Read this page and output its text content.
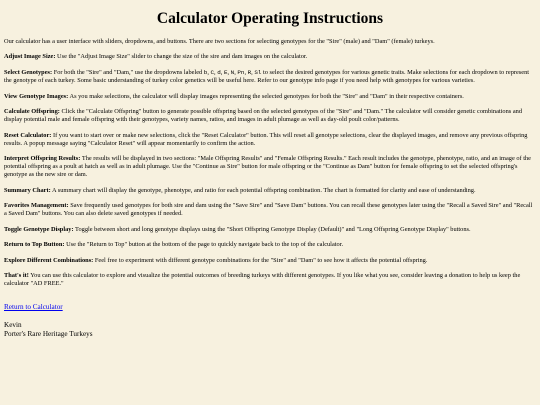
Calculator Operating Instructions

Our calculator has a user interface with sliders, dropdowns, and buttons. There are two sections for selecting genotypes for the "Sire" (male) and "Dam" (female) turkeys.

Adjust Image Size: Use the "Adjust Image Size" slider to change the size of the sire and dam images on the calculator.

Select Genotypes: For both the "Sire" and "Dam," use the dropdowns labeled b, C, d, E, N, Pn, R, Sl to select the desired genotypes for various genetic traits. Make selections for each dropdown to represent the genotype of each turkey. Some basic understanding of turkey color genetics will be useful here. Refer to our genotype info page if you need help with genotypes for various varieties.

View Genotype Images: As you make selections, the calculator will display images representing the selected genotypes for both the "Sire" and "Dam" in their respective containers.

Calculate Offspring: Click the "Calculate Offspring" button to generate possible offspring based on the selected genotypes of the "Sire" and "Dam." The calculator will consider genetic combinations and display potential male and female offspring with their genotypes, variety names, ratios, and images in adult plumage as well as day-old poult color/patterns.

Reset Calculator: If you want to start over or make new selections, click the "Reset Calculator" button. This will reset all genotype selections, clear the displayed images, and remove any previous offspring results. A popup message saying "Calculator Reset" will appear momentarily to confirm the action.

Interpret Offspring Results: The results will be displayed in two sections: "Male Offspring Results" and "Female Offspring Results." Each result includes the genotype, phenotype, ratio, and an image of the potential offspring as a poult at hatch as well as in adult plumage. Use the "Continue as Sire" button for male offspring or the "Continue as Dam" button for female offspring to set the selected offspring's genotype as the new sire or dam.

Summary Chart: A summary chart will display the genotype, phenotype, and ratio for each potential offspring combination. The chart is formatted for clarity and ease of understanding.

Favorites Management: Save frequently used genotypes for both sire and dam using the "Save Sire" and "Save Dam" buttons. You can recall these genotypes later using the "Recall a Saved Sire" and "Recall a Saved Dam" buttons. You can also delete saved genotypes if needed.

Toggle Genotype Display: Toggle between short and long genotype displays using the "Short Offspring Genotype Display (Default)" and "Long Offspring Genotype Display" buttons.

Return to Top Button: Use the "Return to Top" button at the bottom of the page to quickly navigate back to the top of the calculator.

Explore Different Combinations: Feel free to experiment with different genotype combinations for the "Sire" and "Dam" to see how it affects the potential offspring.

That's it! You can use this calculator to explore and visualize the potential outcomes of breeding turkeys with different genotypes. If you like what you see, consider leaving a donation to help us keep the calculator "AD FREE."

Return to Calculator
Kevin
Porter's Rare Heritage Turkeys
